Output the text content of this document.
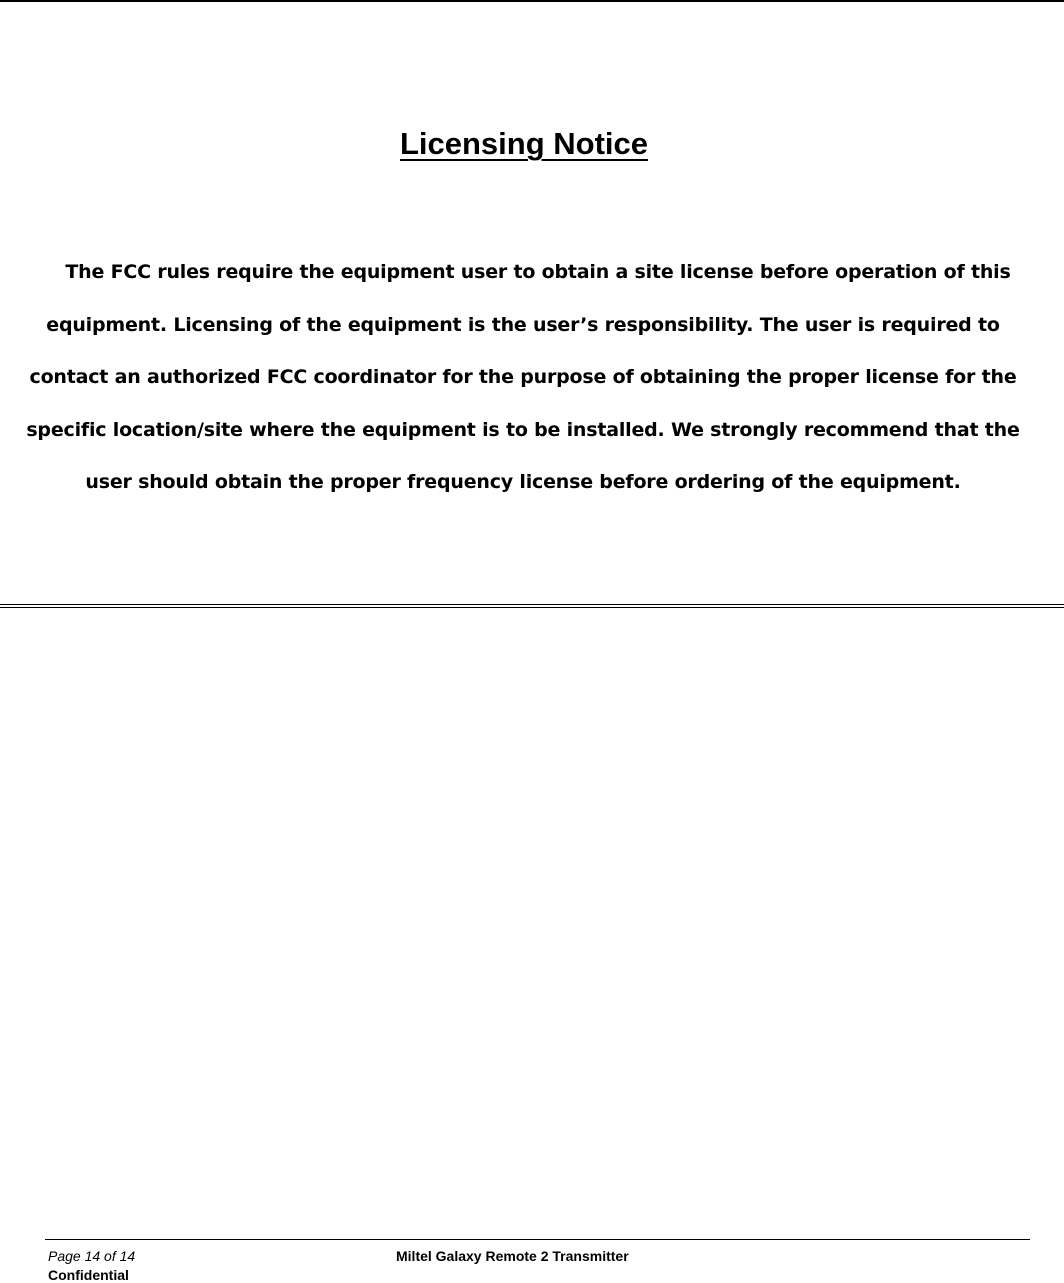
Licensing Notice
The FCC rules require the equipment user to obtain a site license before operation of this
equipment. Licensing of the equipment is the user’s responsibility. The user is required to
contact an authorized FCC coordinator for the purpose of obtaining the proper license for the
specific location/site where the equipment is to be installed. We strongly recommend that the
user should obtain the proper frequency license before ordering of the equipment.
Page 14 of 14	Miltel Galaxy Remote 2 Transmitter
Confidential
